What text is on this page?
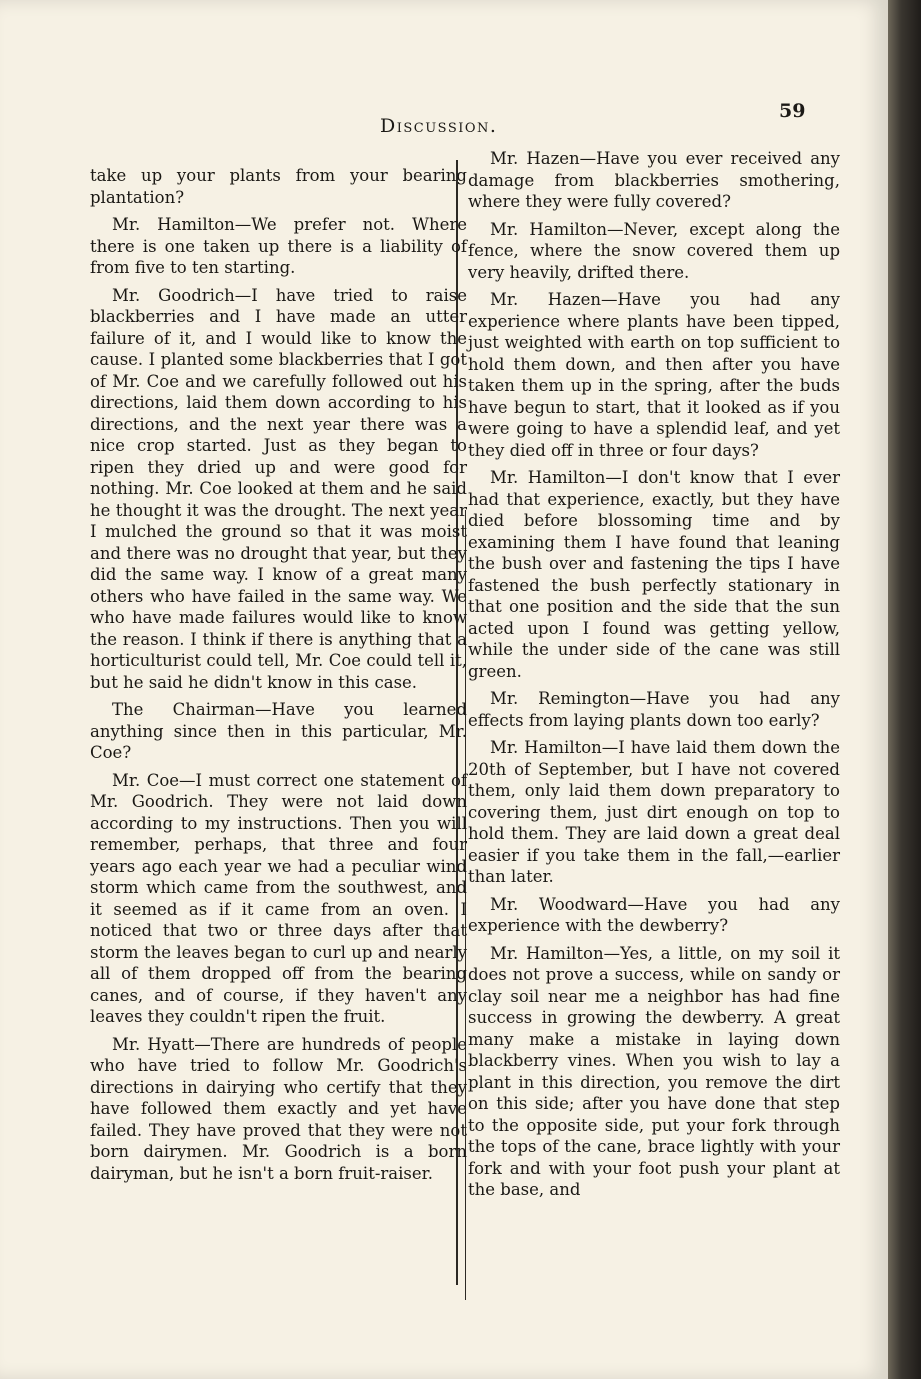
Discussion.
59

take up your plants from your bearing plantation?

Mr. Hamilton—We prefer not. Where there is one taken up there is a liability of from five to ten starting.

Mr. Goodrich—I have tried to raise blackberries and I have made an utter failure of it, and I would like to know the cause. I planted some blackberries that I got of Mr. Coe and we carefully followed out his directions, laid them down according to his directions, and the next year there was a nice crop started. Just as they began to ripen they dried up and were good for nothing. Mr. Coe looked at them and he said he thought it was the drought. The next year I mulched the ground so that it was moist and there was no drought that year, but they did the same way. I know of a great many others who have failed in the same way. We who have made failures would like to know the reason. I think if there is anything that a horticulturist could tell, Mr. Coe could tell it, but he said he didn't know in this case.

The Chairman—Have you learned anything since then in this particular, Mr. Coe?

Mr. Coe—I must correct one statement of Mr. Goodrich. They were not laid down according to my instructions. Then you will remember, perhaps, that three and four years ago each year we had a peculiar wind storm which came from the southwest, and it seemed as if it came from an oven. I noticed that two or three days after that storm the leaves began to curl up and nearly all of them dropped off from the bearing canes, and of course, if they haven't any leaves they couldn't ripen the fruit.

Mr. Hyatt—There are hundreds of people who have tried to follow Mr. Goodrich's directions in dairying who certify that they have followed them exactly and yet have failed. They have proved that they were not born dairymen. Mr. Goodrich is a born dairyman, but he isn't a born fruit-raiser.

Mr. Hazen—Have you ever received any damage from blackberries smothering, where they were fully covered?

Mr. Hamilton—Never, except along the fence, where the snow covered them up very heavily, drifted there.

Mr. Hazen—Have you had any experience where plants have been tipped, just weighted with earth on top sufficient to hold them down, and then after you have taken them up in the spring, after the buds have begun to start, that it looked as if you were going to have a splendid leaf, and yet they died off in three or four days?

Mr. Hamilton—I don't know that I ever had that experience, exactly, but they have died before blossoming time and by examining them I have found that leaning the bush over and fastening the tips I have fastened the bush perfectly stationary in that one position and the side that the sun acted upon I found was getting yellow, while the under side of the cane was still green.

Mr. Remington—Have you had any effects from laying plants down too early?

Mr. Hamilton—I have laid them down the 20th of September, but I have not covered them, only laid them down preparatory to covering them, just dirt enough on top to hold them. They are laid down a great deal easier if you take them in the fall,—earlier than later.

Mr. Woodward—Have you had any experience with the dewberry?

Mr. Hamilton—Yes, a little, on my soil it does not prove a success, while on sandy or clay soil near me a neighbor has had fine success in growing the dewberry. A great many make a mistake in laying down blackberry vines. When you wish to lay a plant in this direction, you remove the dirt on this side; after you have done that step to the opposite side, put your fork through the tops of the cane, brace lightly with your fork and with your foot push your plant at the base, and
